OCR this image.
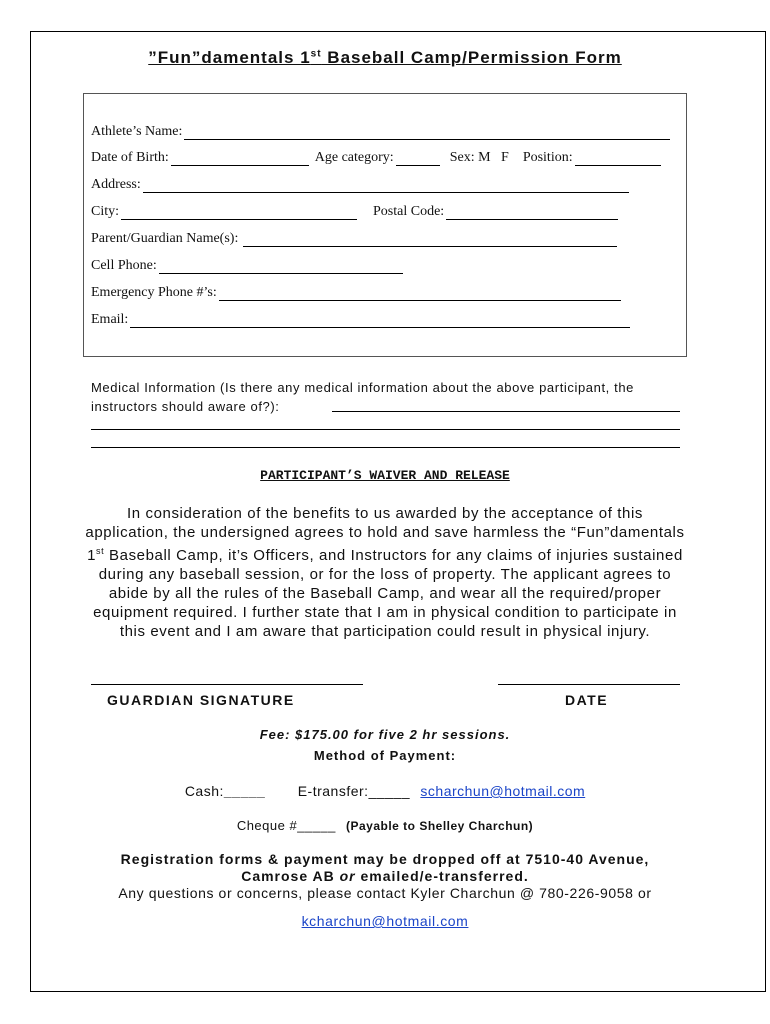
”Fun”damentals 1st Baseball Camp/Permission Form
Athlete’s Name:
Date of Birth:	Age category:	Sex: M   F Position:
Address:
City:	Postal Code:
Parent/Guardian Name(s):
Cell Phone:
Emergency Phone #’s:
Email:
Medical Information (Is there any medical information about the above participant, the instructors should aware of?):
PARTICIPANT’S WAIVER AND RELEASE
In consideration of the benefits to us awarded by the acceptance of this application, the undersigned agrees to hold and save harmless the “Fun”damentals 1st Baseball Camp, it’s Officers, and Instructors for any claims of injuries sustained during any baseball session, or for the loss of property. The applicant agrees to abide by all the rules of the Baseball Camp, and wear all the required/proper equipment required. I further state that I am in physical condition to participate in this event and I am aware that participation could result in physical injury.
GUARDIAN SIGNATURE	DATE
Fee: $175.00 for five 2 hr sessions.
Method of Payment:
Cash:_____ E-transfer:_____ scharchun@hotmail.com
Cheque #_____ (Payable to Shelley Charchun)
Registration forms & payment may be dropped off at 7510-40 Avenue,
Camrose AB or emailed/e-transferred.
Any questions or concerns, please contact Kyler Charchun @ 780-226-9058 or
kcharchun@hotmail.com
